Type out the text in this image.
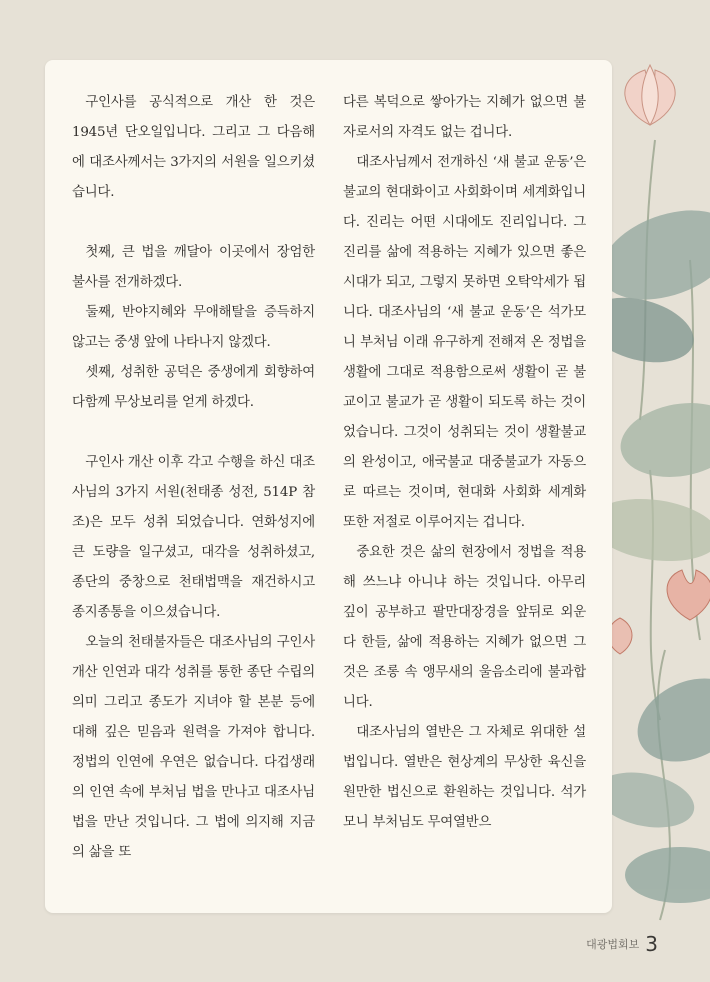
구인사를 공식적으로 개산 한 것은 1945년 단오일입니다. 그리고 그 다음해에 대조사께서는 3가지의 서원을 일으키셨습니다.

첫째, 큰 법을 깨달아 이곳에서 장엄한 불사를 전개하겠다.

둘째, 반야지혜와 무애해탈을 증득하지 않고는 중생 앞에 나타나지 않겠다.

셋째, 성취한 공덕은 중생에게 회향하여 다함께 무상보리를 얻게 하겠다.

구인사 개산 이후 각고 수행을 하신 대조사님의 3가지 서원(천태종 성전, 514P 참조)은 모두 성취 되었습니다. 연화성지에 큰 도량을 일구셨고, 대각을 성취하셨고, 종단의 중창으로 천태법맥을 재건하시고 종지종통을 이으셨습니다.

오늘의 천태불자들은 대조사님의 구인사 개산 인연과 대각 성취를 통한 종단 수립의 의미 그리고 종도가 지녀야 할 본분 등에 대해 깊은 믿음과 원력을 가져야 합니다. 정법의 인연에 우연은 없습니다. 다겁생래의 인연 속에 부처님 법을 만나고 대조사님 법을 만난 것입니다. 그 법에 의지해 지금의 삶을 또

다른 복덕으로 쌓아가는 지혜가 없으면 불자로서의 자격도 없는 겁니다.

대조사님께서 전개하신 ‘새 불교 운동’은 불교의 현대화이고 사회화이며 세계화입니다. 진리는 어떤 시대에도 진리입니다. 그 진리를 삶에 적용하는 지혜가 있으면 좋은 시대가 되고, 그렇지 못하면 오탁악세가 됩니다. 대조사님의 ‘새 불교 운동’은 석가모니 부처님 이래 유구하게 전해져 온 정법을 생활에 그대로 적용함으로써 생활이 곧 불교이고 불교가 곧 생활이 되도록 하는 것이었습니다. 그것이 성취되는 것이 생활불교의 완성이고, 애국불교 대중불교가 자동으로 따르는 것이며, 현대화 사회화 세계화 또한 저절로 이루어지는 겁니다.

중요한 것은 삶의 현장에서 정법을 적용해 쓰느냐 아니냐 하는 것입니다. 아무리 깊이 공부하고 팔만대장경을 앞뒤로 외운다 한들, 삶에 적용하는 지혜가 없으면 그것은 조롱 속 앵무새의 울음소리에 불과합니다.

대조사님의 열반은 그 자체로 위대한 설법입니다. 열반은 현상계의 무상한 육신을 원만한 법신으로 환원하는 것입니다. 석가모니 부처님도 무여열반으

대광법회보 3
